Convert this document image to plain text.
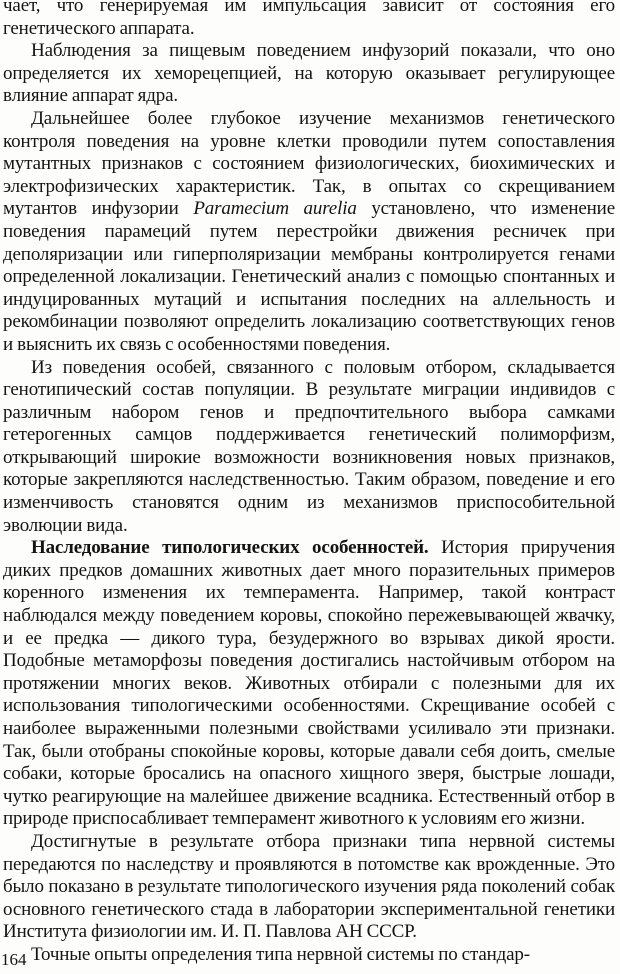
чает, что генерируемая им импульсация зависит от состояния его генетического аппарата.

Наблюдения за пищевым поведением инфузорий показали, что оно определяется их хеморецепцией, на которую оказывает регулирующее влияние аппарат ядра.

Дальнейшее более глубокое изучение механизмов генетического контроля поведения на уровне клетки проводили путем сопоставления мутантных признаков с состоянием физиологических, биохимических и электрофизических характеристик. Так, в опытах со скрещиванием мутантов инфузории Paramecium aurelia установлено, что изменение поведения парамеций путем перестройки движения ресничек при деполяризации или гиперполяризации мембраны контролируется генами определенной локализации. Генетический анализ с помощью спонтанных и индуцированных мутаций и испытания последних на аллельность и рекомбинации позволяют определить локализацию соответствующих генов и выяснить их связь с особенностями поведения.

Из поведения особей, связанного с половым отбором, складывается генотипический состав популяции. В результате миграции индивидов с различным набором генов и предпочтительного выбора самками гетерогенных самцов поддерживается генетический полиморфизм, открывающий широкие возможности возникновения новых признаков, которые закрепляются наследственностью. Таким образом, поведение и его изменчивость становятся одним из механизмов приспособительной эволюции вида.

Наследование типологических особенностей. История приручения диких предков домашних животных дает много поразительных примеров коренного изменения их темперамента. Например, такой контраст наблюдался между поведением коровы, спокойно пережевывающей жвачку, и ее предка — дикого тура, безудержного во взрывах дикой ярости. Подобные метаморфозы поведения достигались настойчивым отбором на протяжении многих веков. Животных отбирали с полезными для их использования типологическими особенностями. Скрещивание особей с наиболее выраженными полезными свойствами усиливало эти признаки. Так, были отобраны спокойные коровы, которые давали себя доить, смелые собаки, которые бросались на опасного хищного зверя, быстрые лошади, чутко реагирующие на малейшее движение всадника. Естественный отбор в природе приспосабливает темперамент животного к условиям его жизни.

Достигнутые в результате отбора признаки типа нервной системы передаются по наследству и проявляются в потомстве как врожденные. Это было показано в результате типологического изучения ряда поколений собак основного генетического стада в лаборатории экспериментальной генетики Института физиологии им. И. П. Павлова АН СССР.

Точные опыты определения типа нервной системы по стандар-

164
